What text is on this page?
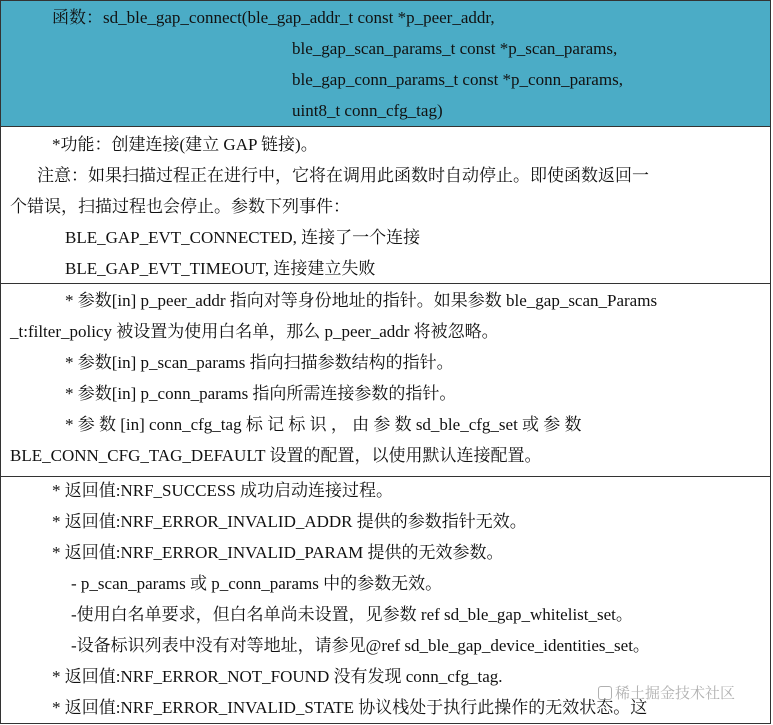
函数：sd_ble_gap_connect(ble_gap_addr_t const *p_peer_addr,
ble_gap_scan_params_t const *p_scan_params,
ble_gap_conn_params_t const *p_conn_params,
uint8_t conn_cfg_tag)
*功能：创建连接(建立 GAP 链接)。
注意：如果扫描过程正在进行中，它将在调用此函数时自动停止。即使函数返回一
个错误，扫描过程也会停止。参数下列事件：
BLE_GAP_EVT_CONNECTED, 连接了一个连接
BLE_GAP_EVT_TIMEOUT, 连接建立失败
* 参数[in] p_peer_addr 指向对等身份地址的指针。如果参数 ble_gap_scan_Params
_t:filter_policy 被设置为使用白名单，那么 p_peer_addr 将被忽略。
* 参数[in] p_scan_params 指向扫描参数结构的指针。
* 参数[in] p_conn_params 指向所需连接参数的指针。
* 参 数 [in] conn_cfg_tag 标 记 标 识 ， 由 参 数 sd_ble_cfg_set 或 参 数
BLE_CONN_CFG_TAG_DEFAULT 设置的配置，以使用默认连接配置。
* 返回值:NRF_SUCCESS 成功启动连接过程。
* 返回值:NRF_ERROR_INVALID_ADDR 提供的参数指针无效。
* 返回值:NRF_ERROR_INVALID_PARAM 提供的无效参数。
- p_scan_params 或 p_conn_params 中的参数无效。
-使用白名单要求，但白名单尚未设置，见参数 ref sd_ble_gap_whitelist_set。
-设备标识列表中没有对等地址，请参见@ref sd_ble_gap_device_identities_set。
* 返回值:NRF_ERROR_NOT_FOUND 没有发现 conn_cfg_tag.
* 返回值:NRF_ERROR_INVALID_STATE 协议栈处于执行此操作的无效状态。这
稀土掘金技术社区
